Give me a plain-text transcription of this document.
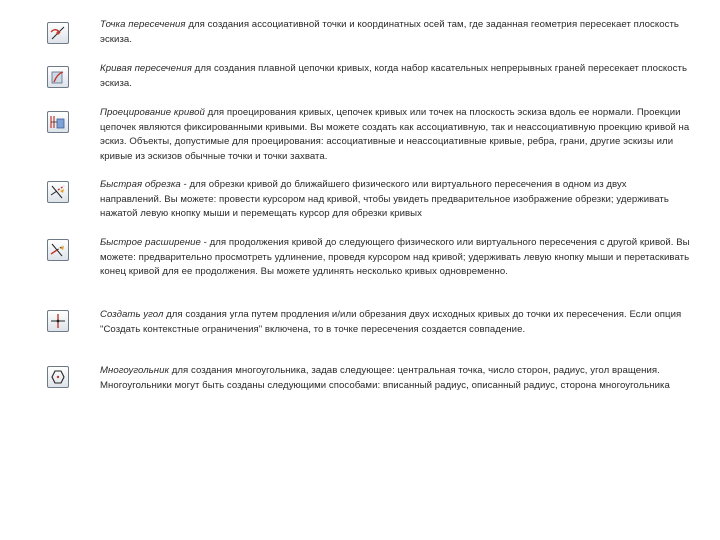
Точка пересечения для создания ассоциативной точки и координатных осей там, где заданная геометрия пересекает плоскость эскиза.
Кривая пересечения для создания плавной цепочки кривых, когда набор касательных непрерывных граней пересекает плоскость эскиза.
Проецирование кривой для проецирования кривых, цепочек кривых или точек на плоскость эскиза вдоль ее нормали. Проекции цепочек являются фиксированными кривыми. Вы можете создать как ассоциативную, так и неассоциативную проекцию кривой на эскиз. Объекты, допустимые для проецирования: ассоциативные и неассоциативные кривые, ребра, грани, другие эскизы или кривые из эскизов обычные точки и точки захвата.
Быстрая обрезка - для обрезки кривой до ближайшего физического или виртуального пересечения в одном из двух направлений. Вы можете: провести курсором над кривой, чтобы увидеть предварительное изображение обрезки; удерживать нажатой левую кнопку мыши и перемещать курсор для обрезки кривых
Быстрое расширение - для продолжения кривой до следующего физического или виртуального пересечения с другой кривой. Вы можете: предварительно просмотреть удлинение, проведя курсором над кривой; удерживать левую кнопку мыши и перетаскивать конец кривой для ее продолжения. Вы можете удлинять несколько кривых одновременно.
Создать угол для создания угла путем продления и/или обрезания двух исходных кривых до точки их пересечения. Если опция "Создать контекстные ограничения" включена, то в точке пересечения создается совпадение.
Многоугольник для создания многоугольника, задав следующее: центральная точка, число сторон, радиус, угол вращения. Многоугольники могут быть созданы следующими способами: вписанный радиус, описанный радиус, сторона многоугольника
